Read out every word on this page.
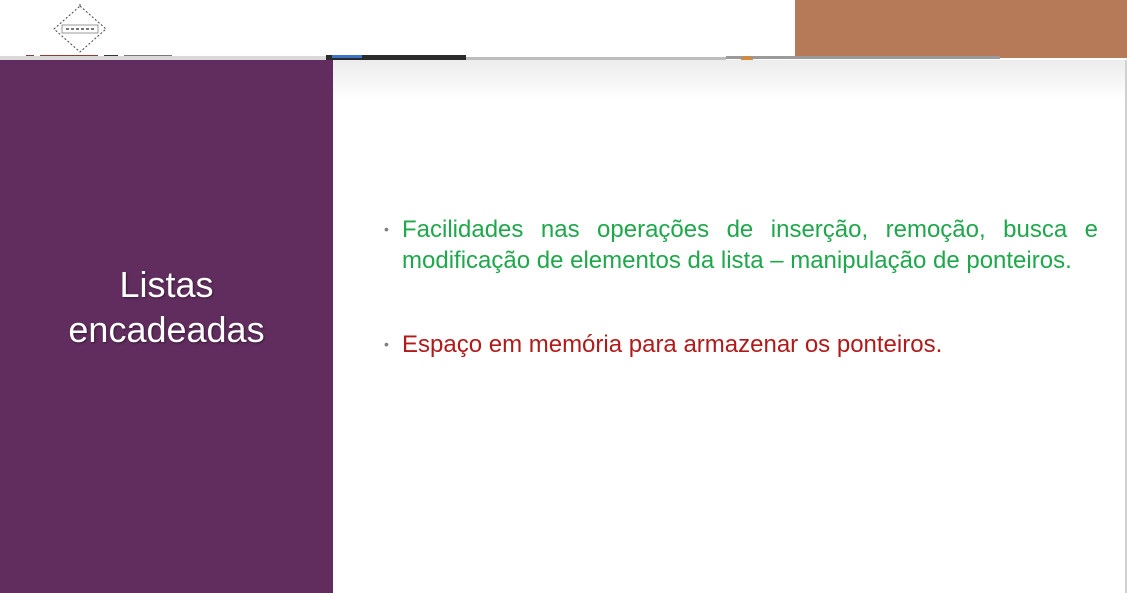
Listas
encadeadas
• Facilidades nas operações de inserção, remoção, busca e modificação de elementos da lista – manipulação de ponteiros.
• Espaço em memória para armazenar os ponteiros.
